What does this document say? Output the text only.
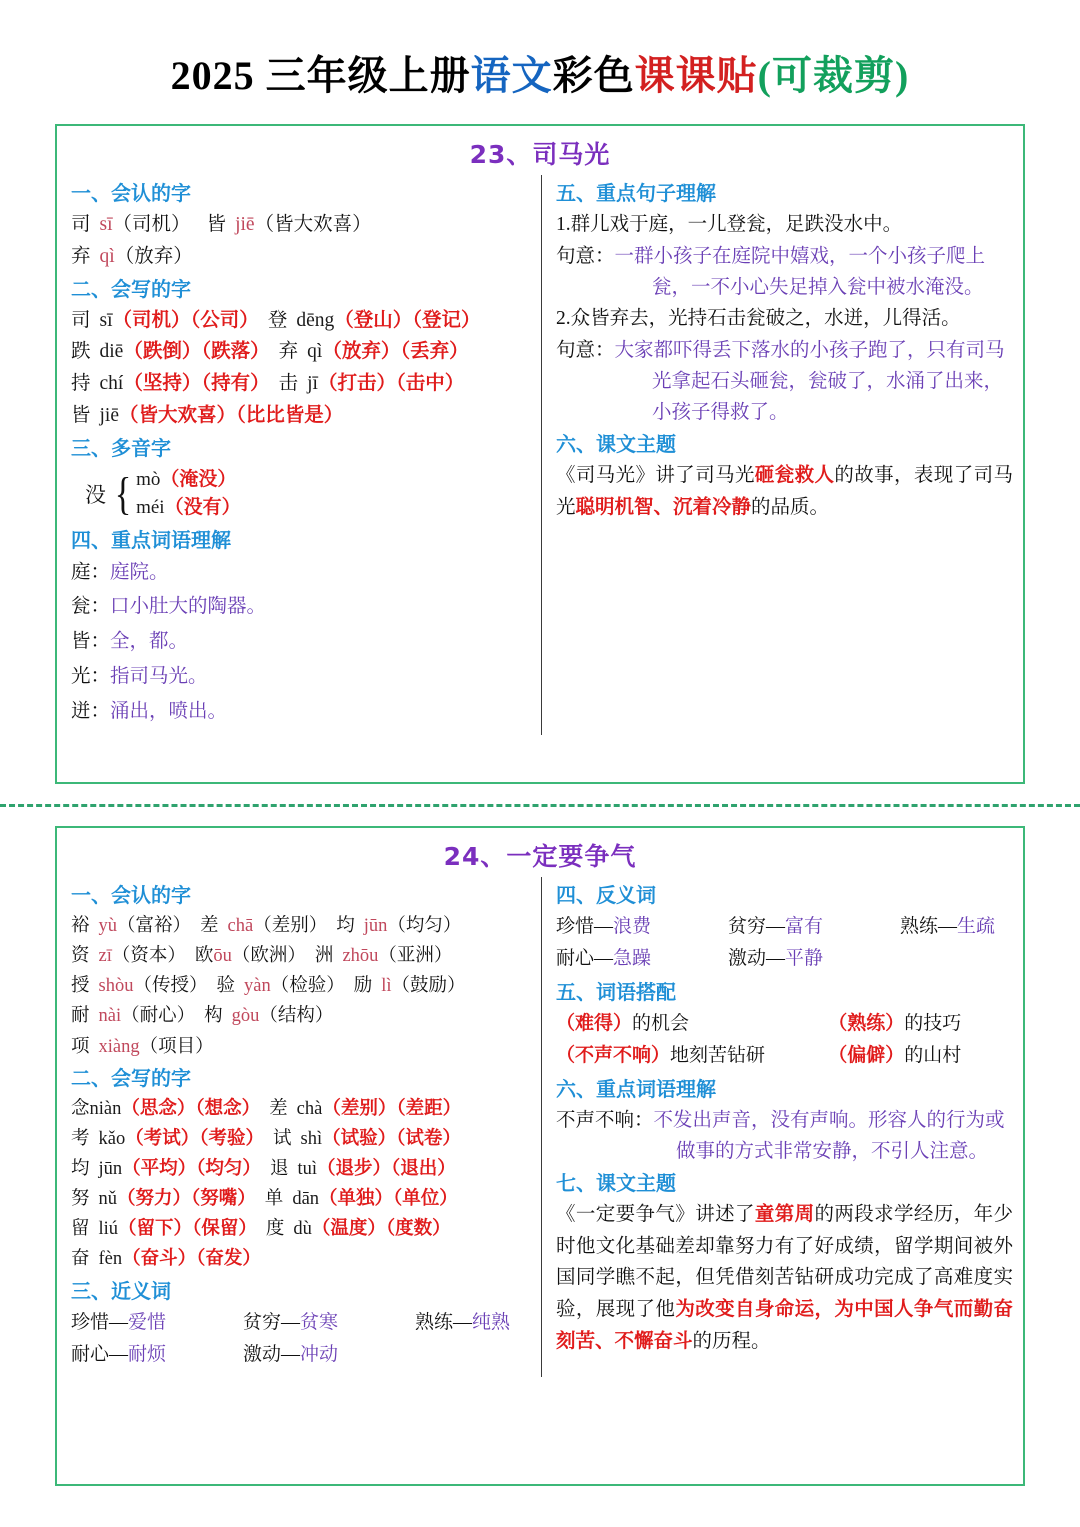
2025 三年级上册语文彩色课课贴(可裁剪)
23、司马光
一、会认的字
司 sī（司机） 皆 jiē（皆大欢喜）
弃 qì（放弃）
二、会写的字
司 sī（司机）（公司） 登 dēng（登山）（登记）
跌 diē（跌倒）（跌落） 弃 qì（放弃）（丢弃）
持 chí（坚持）（持有） 击 jī（打击）（击中）
皆 jiē（皆大欢喜）（比比皆是）
三、多音字
没 { mò（淹没）
méi（没有）
四、重点词语理解
庭：庭院。
瓮：口小肚大的陶器。
皆：全，都。
光：指司马光。
迸：涌出，喷出。
五、重点句子理解
1.群儿戏于庭，一儿登瓮，足跌没水中。
句意：一群小孩子在庭院中嬉戏，一个小孩子爬上瓮，一不小心失足掉入瓮中被水淹没。
2.众皆弃去，光持石击瓮破之，水迸，儿得活。
句意：大家都吓得丢下落水的小孩子跑了，只有司马光拿起石头砸瓮，瓮破了，水涌了出来，小孩子得救了。
六、课文主题
《司马光》讲了司马光砸瓮救人的故事，表现了司马光聪明机智、沉着冷静的品质。
24、一定要争气
一、会认的字
裕 yù（富裕） 差 chā（差别） 均 jūn（均匀）
资 zī（资本） 欧ōu（欧洲） 洲 zhōu（亚洲）
授 shòu（传授） 验 yàn（检验） 励 lì（鼓励）
耐 nài（耐心） 构 gòu（结构）
项 xiàng（项目）
二、会写的字
念niàn（思念）（想念） 差 chà（差别）（差距）
考 kǎo（考试）（考验） 试 shì（试验）（试卷）
均 jūn（平均）（均匀） 退 tuì（退步）（退出）
努 nǔ（努力）（努嘴） 单 dān（单独）（单位）
留 liú（留下）（保留） 度 dù（温度）（度数）
奋 fèn（奋斗）（奋发）
三、近义词
珍惜—爱惜	贫穷—贫寒	熟练—纯熟
耐心—耐烦	激动—冲动
四、反义词
珍惜—浪费	贫穷—富有	熟练—生疏
耐心—急躁	激动—平静
五、词语搭配
（难得）的机会	（熟练）的技巧
（不声不响）地刻苦钻研	（偏僻）的山村
六、重点词语理解
不声不响：不发出声音，没有声响。形容人的行为或做事的方式非常安静，不引人注意。
七、课文主题
《一定要争气》讲述了童第周的两段求学经历，年少时他文化基础差却靠努力有了好成绩，留学期间被外国同学瞧不起，但凭借刻苦钻研成功完成了高难度实验，展现了他为改变自身命运，为中国人争气而勤奋刻苦、不懈奋斗的历程。
